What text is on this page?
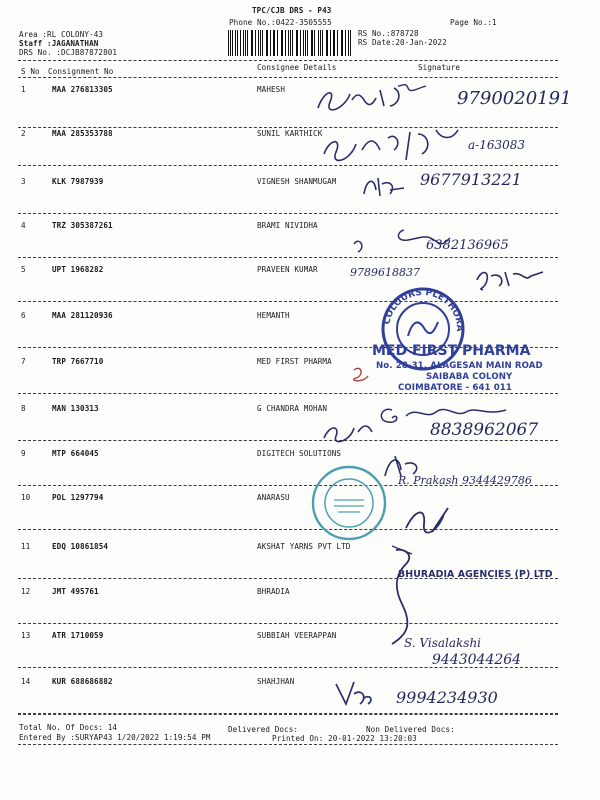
TPC/CJB DRS - P43
Phone No.:0422-3505555	Page No.:1
Area :RL COLONY-43
Staff :JAGANATHAN
DRS No. :DCJB87872801
RS No.:878728
RS Date:20-Jan-2022
S No Consignment No	Consignee Details	Signature
1	MAA 276813305	MAHESH
2	MAA 285353788	SUNIL KARTHICK
3	KLK 7987939	VIGNESH SHANMUGAM
4	TRZ 305387261	BRAMI NIVIDHA
5	UPT 1968282	PRAVEEN KUMAR
6	MAA 281120936	HEMANTH
7	TRP 7667710	MED FIRST PHARMA
8	MAN 130313	G CHANDRA MOHAN
9	MTP 664045	DIGITECH SOLUTIONS
10	POL 1297794	ANARASU
11	EDQ 10861854	AKSHAT YARNS PVT LTD
12	JMT 495761	BHRADIA
13	ATR 1710059	SUBBIAH VEERAPPAN
14	KUR 688686882	SHAHJHAN
9790020191
a-163083
9677913221
6382136965
9789618837
COLOURS PLETHORA
MED FIRST PHARMA
No. 28-31, ALAGESAN MAIN ROAD
SAIBABA COLONY
COIMBATORE - 641 011
8838962067
R. Prakash 9344429786
BHURADIA AGENCIES (P) LTD
S. Visalakshi
9443044264
9994234930
Total No. Of Docs: 14	Delivered Docs:	Non Delivered Docs:
Entered By :SURYAP43 1/20/2022 1:19:54 PM	Printed On: 20-01-2022 13:20:03
